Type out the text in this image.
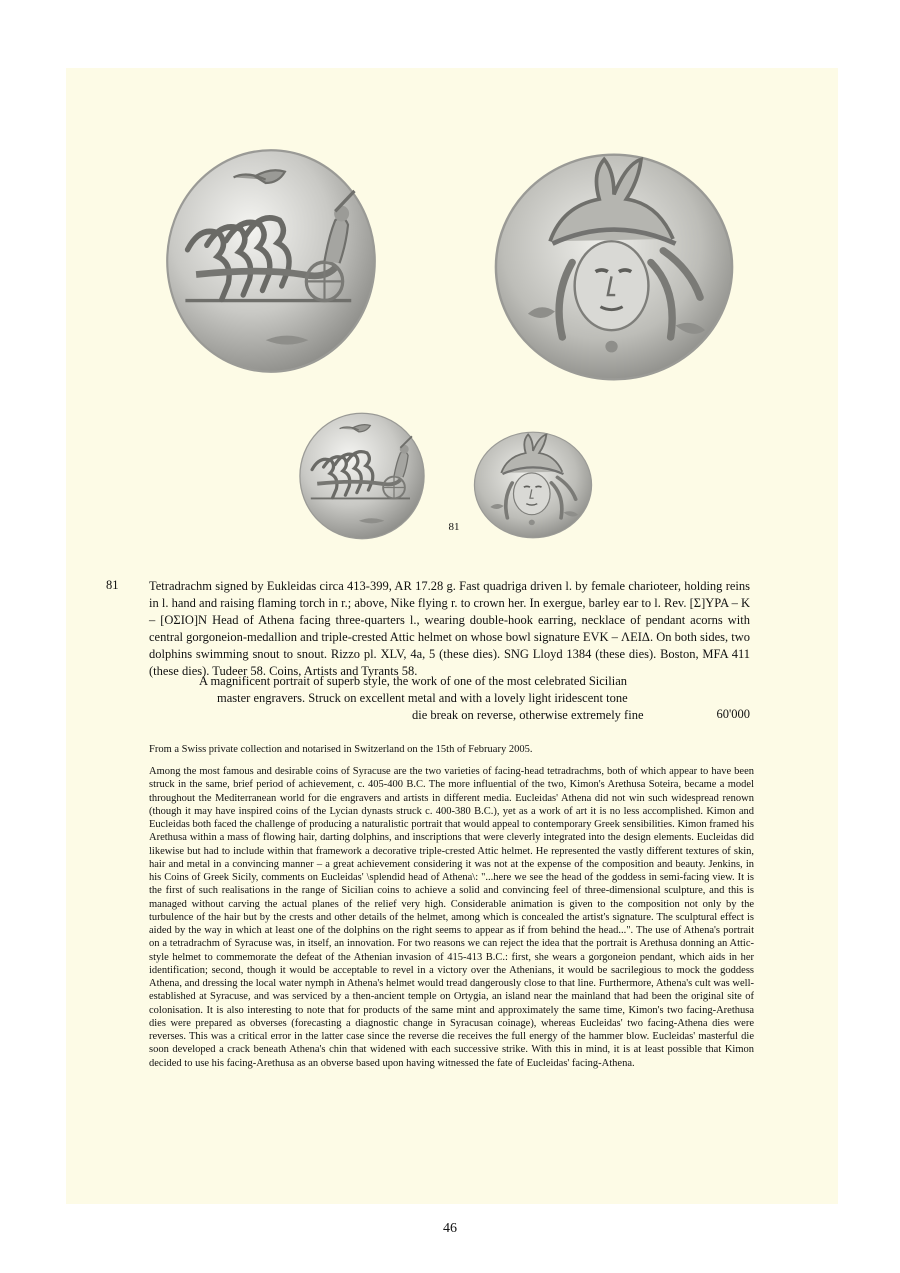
81
81 Tetradrachm signed by Eukleidas circa 413-399, AR 17.28 g. Fast quadriga driven l. by female charioteer, holding reins in l. hand and raising flaming torch in r.; above, Nike flying r. to crown her. In exergue, barley ear to l. Rev. [Σ]YPA – K – [OΣIO]N Head of Athena facing three-quarters l., wearing double-hook earring, necklace of pendant acorns with central gorgoneion-medallion and triple-crested Attic helmet on whose bowl signature EVK – ΛEIΔ. On both sides, two dolphins swimming snout to snout. Rizzo pl. XLV, 4a, 5 (these dies). SNG Lloyd 1384 (these dies). Boston, MFA 411 (these dies). Tudeer 58. Coins, Artists and Tyrants 58.
A magnificent portrait of superb style, the work of one of the most celebrated Sicilian
master engravers. Struck on excellent metal and with a lovely light iridescent tone
die break on reverse, otherwise extremely fine	60'000
From a Swiss private collection and notarised in Switzerland on the 15th of February 2005.
Among the most famous and desirable coins of Syracuse are the two varieties of facing-head tetradrachms, both of which appear to have been struck in the same, brief period of achievement, c. 405-400 B.C. The more influential of the two, Kimon's Arethusa Soteira, became a model throughout the Mediterranean world for die engravers and artists in different media. Eucleidas' Athena did not win such widespread renown (though it may have inspired coins of the Lycian dynasts struck c. 400-380 B.C.), yet as a work of art it is no less accomplished. Kimon and Eucleidas both faced the challenge of producing a naturalistic portrait that would appeal to contemporary Greek sensibilities. Kimon framed his Arethusa within a mass of flowing hair, darting dolphins, and inscriptions that were cleverly integrated into the design elements. Eucleidas did likewise but had to include within that framework a decorative triple-crested Attic helmet. He represented the vastly different textures of skin, hair and metal in a convincing manner – a great achievement considering it was not at the expense of the composition and beauty. Jenkins, in his Coins of Greek Sicily, comments on Eucleidas' \splendid head of Athena\: "...here we see the head of the goddess in semi-facing view. It is the first of such realisations in the range of Sicilian coins to achieve a solid and convincing feel of three-dimensional sculpture, and this is managed without carving the actual planes of the relief very high. Considerable animation is given to the composition not only by the turbulence of the hair but by the crests and other details of the helmet, among which is concealed the artist's signature. The sculptural effect is aided by the way in which at least one of the dolphins on the right seems to appear as if from behind the head...". The use of Athena's portrait on a tetradrachm of Syracuse was, in itself, an innovation. For two reasons we can reject the idea that the portrait is Arethusa donning an Attic-style helmet to commemorate the defeat of the Athenian invasion of 415-413 B.C.: first, she wears a gorgoneion pendant, which aids in her identification; second, though it would be acceptable to revel in a victory over the Athenians, it would be sacrilegious to mock the goddess Athena, and dressing the local water nymph in Athena's helmet would tread dangerously close to that line. Furthermore, Athena's cult was well-established at Syracuse, and was serviced by a then-ancient temple on Ortygia, an island near the mainland that had been the original site of colonisation. It is also interesting to note that for products of the same mint and approximately the same time, Kimon's two facing-Arethusa dies were prepared as obverses (forecasting a diagnostic change in Syracusan coinage), whereas Eucleidas' two facing-Athena dies were reverses. This was a critical error in the latter case since the reverse die receives the full energy of the hammer blow. Eucleidas' masterful die soon developed a crack beneath Athena's chin that widened with each successive strike. With this in mind, it is at least possible that Kimon decided to use his facing-Arethusa as an obverse based upon having witnessed the fate of Eucleidas' facing-Athena.
46
